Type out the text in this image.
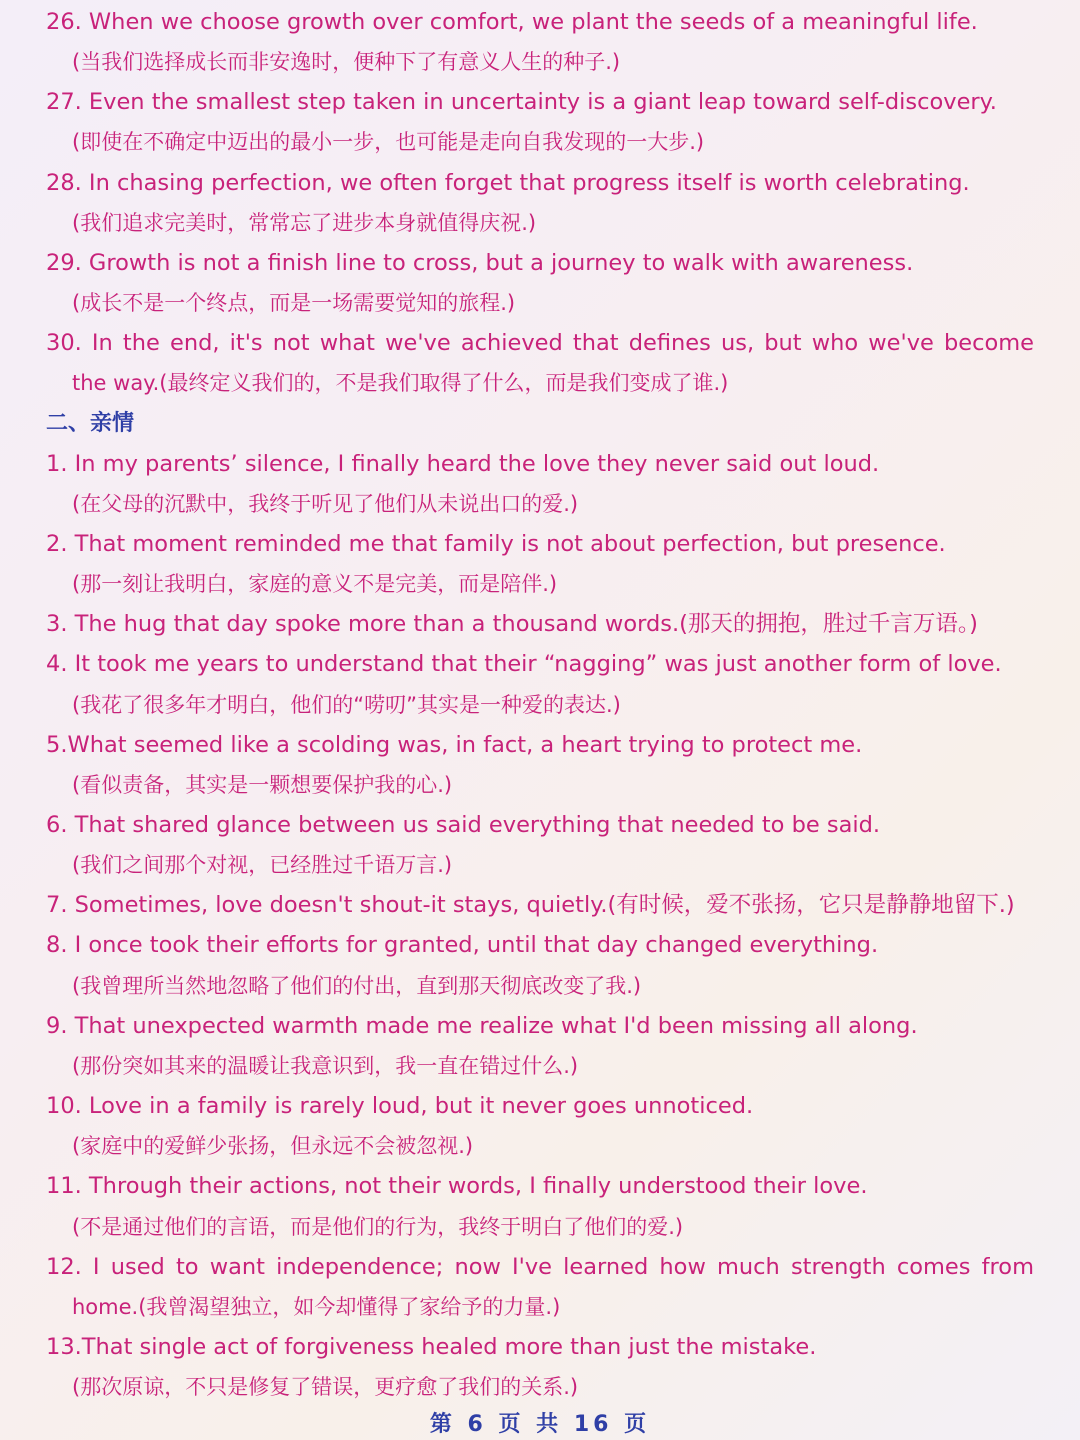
26. When we choose growth over comfort, we plant the seeds of a meaningful life.
(当我们选择成长而非安逸时，便种下了有意义人生的种子.)
27. Even the smallest step taken in uncertainty is a giant leap toward self-discovery.
(即使在不确定中迈出的最小一步，也可能是走向自我发现的一大步.)
28. In chasing perfection, we often forget that progress itself is worth celebrating.
(我们追求完美时，常常忘了进步本身就值得庆祝.)
29. Growth is not a finish line to cross, but a journey to walk with awareness.
(成长不是一个终点，而是一场需要觉知的旅程.)
30. In the end, it's not what we've achieved that defines us, but who we've become
the way.(最终定义我们的，不是我们取得了什么，而是我们变成了谁.)
二、亲情
1. In my parents’ silence, I finally heard the love they never said out loud.
(在父母的沉默中，我终于听见了他们从未说出口的爱.)
2. That moment reminded me that family is not about perfection, but presence.
(那一刻让我明白，家庭的意义不是完美，而是陪伴.)
3. The hug that day spoke more than a thousand words.(那天的拥抱，胜过千言万语。)
4. It took me years to understand that their “nagging” was just another form of love.
(我花了很多年才明白，他们的“唠叨”其实是一种爱的表达.)
5.What seemed like a scolding was, in fact, a heart trying to protect me.
(看似责备，其实是一颗想要保护我的心.)
6. That shared glance between us said everything that needed to be said.
(我们之间那个对视，已经胜过千语万言.)
7. Sometimes, love doesn't shout-it stays, quietly.(有时候，爱不张扬，它只是静静地留下.)
8. I once took their efforts for granted, until that day changed everything.
(我曾理所当然地忽略了他们的付出，直到那天彻底改变了我.)
9. That unexpected warmth made me realize what I'd been missing all along.
(那份突如其来的温暖让我意识到，我一直在错过什么.)
10. Love in a family is rarely loud, but it never goes unnoticed.
(家庭中的爱鲜少张扬，但永远不会被忽视.)
11. Through their actions, not their words, I finally understood their love.
(不是通过他们的言语，而是他们的行为，我终于明白了他们的爱.)
12. I used to want independence; now I've learned how much strength comes from
home.(我曾渴望独立，如今却懂得了家给予的力量.)
13.That single act of forgiveness healed more than just the mistake.
(那次原谅，不只是修复了错误，更疗愈了我们的关系.)
第 6 页 共 16 页
